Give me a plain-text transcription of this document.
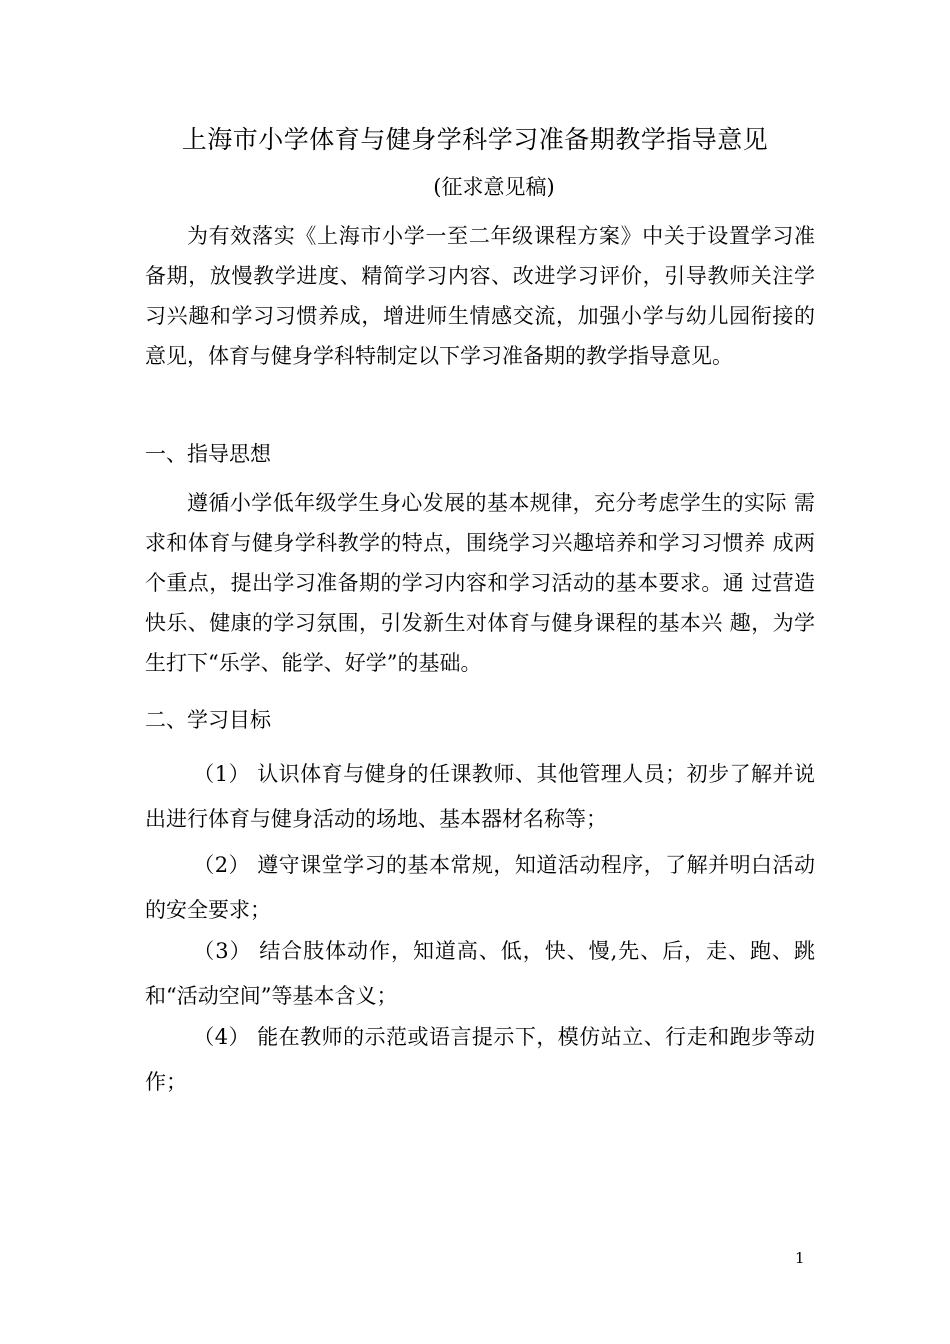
上海市小学体育与健身学科学习准备期教学指导意见
(征求意见稿)

为有效落实《上海市小学一至二年级课程方案》中关于设置学习准备期，放慢教学进度、精简学习内容、改进学习评价，引导教师关注学习兴趣和学习习惯养成，增进师生情感交流，加强小学与幼儿园衔接的意见，体育与健身学科特制定以下学习准备期的教学指导意见。

一、指导思想

遵循小学低年级学生身心发展的基本规律，充分考虑学生的实际 需求和体育与健身学科教学的特点，围绕学习兴趣培养和学习习惯养 成两个重点，提出学习准备期的学习内容和学习活动的基本要求。通 过营造快乐、健康的学习氛围，引发新生对体育与健身课程的基本兴 趣，为学生打下“乐学、能学、好学”的基础。

二、学习目标

（1） 认识体育与健身的任课教师、其他管理人员；初步了解并说出进行体育与健身活动的场地、基本器材名称等；

（2） 遵守课堂学习的基本常规，知道活动程序，了解并明白活动的安全要求；

（3） 结合肢体动作，知道高、低，快、慢,先、后，走、跑、跳和“活动空间”等基本含义；

（4） 能在教师的示范或语言提示下，模仿站立、行走和跑步等动作；

1
